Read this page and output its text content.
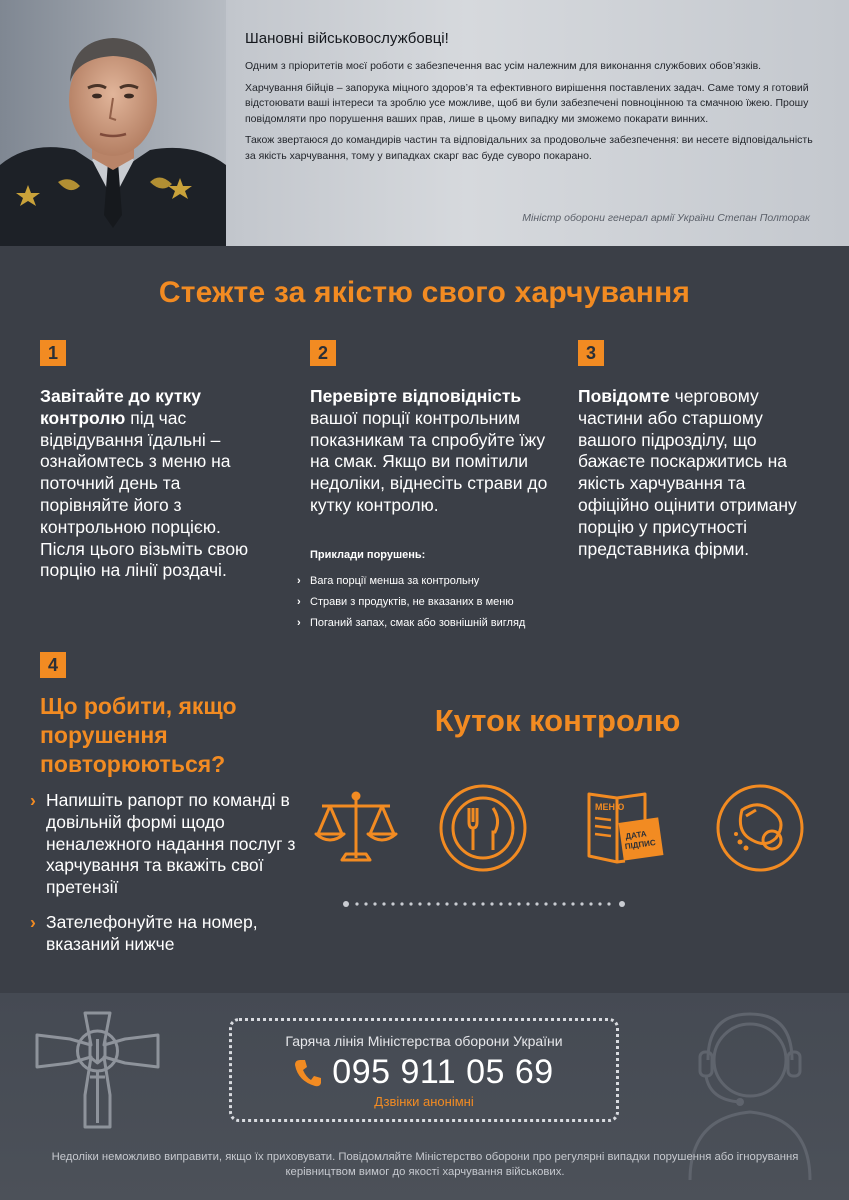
Шановні військовослужбовці!

Одним з пріоритетів моєї роботи є забезпечення вас усім належним для виконання службових обов’язків.

Харчування бійців – запорука міцного здоров’я та ефективного вирішення поставлених задач. Саме тому я готовий відстоювати ваші інтереси та зроблю усе можливе, щоб ви були забезпечені повноцінною та смачною їжею. Прошу повідомляти про порушення ваших прав, лише в цьому випадку ми зможемо покарати винних.

Також звертаюся до командирів частин та відповідальних за продовольче забезпечення: ви несете відповідальність за якість харчування, тому у випадках скарг вас буде суворо покарано.

Міністр оборони генерал армії України Степан Полторак
Стежте за якістю свого харчування
1
Завітайте до кутку контролю під час відвідування їдальні – ознайомтесь з меню на поточний день та порівняйте його з контрольною порцією. Після цього візьміть свою порцію на лінії роздачі.
2
Перевірте відповідність вашої порції контрольним показникам та спробуйте їжу на смак. Якщо ви помітили недоліки, віднесіть страви до кутку контролю.
Приклади порушень:
› Вага порції менша за контрольну
› Страви з продуктів, не вказаних в меню
› Поганий запах, смак або зовнішній вигляд
3
Повідомте черговому частини або старшому вашого підрозділу, що бажаєте поскаржитись на якість харчування та офіційно оцінити отриману порцію у присутності представника фірми.
4
Що робити, якщо порушення повторюються?
› Напишіть рапорт по команді в довільній формі щодо неналежного надання послуг з харчування та вкажіть свої претензії
› Зателефонуйте на номер, вказаний нижче
Куток контролю
МЕНЮ
ДАТА
ПІДПИС
Гаряча лінія Міністерства оборони України
095 911 05 69
Дзвінки анонімні
Недоліки неможливо виправити, якщо їх приховувати. Повідомляйте Міністерство оборони про регулярні випадки порушення або ігнорування керівництвом вимог до якості харчування військових.
